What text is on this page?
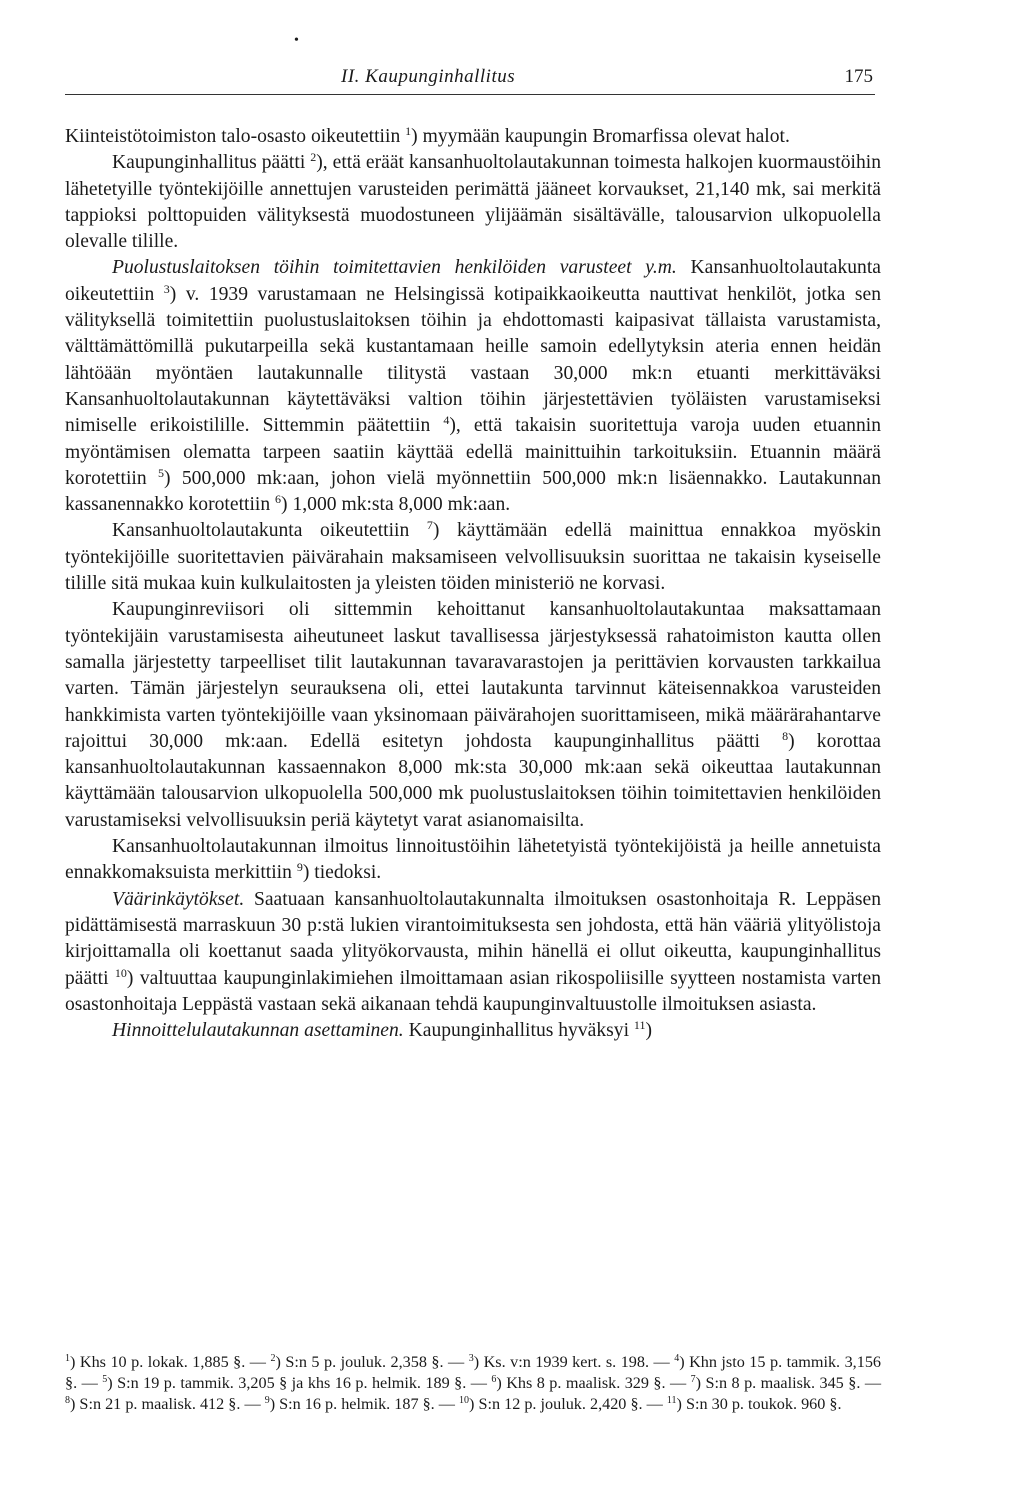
•
II. Kaupunginhallitus	175

Kiinteistötoimiston talo-osasto oikeutettiin $^1$) myymään kaupungin Bromarfissa olevat halot.

Kaupunginhallitus päätti $^2$), että eräät kansanhuoltolautakunnan toimesta halkojen kuormaustöihin lähetetyille työntekijöille annettujen varusteiden perimättä jääneet korvaukset, 21,140 mk, sai merkitä tappioksi polttopuiden välityksestä muodostuneen ylijäämän sisältävälle, talousarvion ulkopuolella olevalle tilille.

Puolustuslaitoksen töihin toimitettavien henkilöiden varusteet y.m. Kansanhuoltolautakunta oikeutettiin $^3$) v. 1939 varustamaan ne Helsingissä kotipaikkaoikeutta nauttivat henkilöt, jotka sen välityksellä toimitettiin puolustuslaitoksen töihin ja ehdottomasti kaipasivat tällaista varustamista, välttämättömillä pukutarpeilla sekä kustantamaan heille samoin edellytyksin ateria ennen heidän lähtöään myöntäen lautakunnalle tilitystä vastaan 30,000 mk:n etuanti merkittäväksi Kansanhuoltolautakunnan käytettäväksi valtion töihin järjestettävien työläisten varustamiseksi nimiselle erikoistilille. Sittemmin päätettiin $^4$), että takaisin suoritettuja varoja uuden etuannin myöntämisen olematta tarpeen saatiin käyttää edellä mainittuihin tarkoituksiin. Etuannin määrä korotettiin $^5$) 500,000 mk:aan, johon vielä myönnettiin 500,000 mk:n lisäennakko. Lautakunnan kassanennakko korotettiin $^6$) 1,000 mk:sta 8,000 mk:aan.

Kansanhuoltolautakunta oikeutettiin $^7$) käyttämään edellä mainittua ennakkoa myöskin työntekijöille suoritettavien päivärahain maksamiseen velvollisuuksin suorittaa ne takaisin kyseiselle tilille sitä mukaa kuin kulkulaitosten ja yleisten töiden ministeriö ne korvasi.

Kaupunginreviisori oli sittemmin kehoittanut kansanhuoltolautakuntaa maksattamaan työntekijäin varustamisesta aiheutuneet laskut tavallisessa järjestyksessä rahatoimiston kautta ollen samalla järjestetty tarpeelliset tilit lautakunnan tavaravarastojen ja perittävien korvausten tarkkailua varten. Tämän järjestelyn seurauksena oli, ettei lautakunta tarvinnut käteisennakkoa varusteiden hankkimista varten työntekijöille vaan yksinomaan päivärahojen suorittamiseen, mikä määrärahantarve rajoittui 30,000 mk:aan. Edellä esitetyn johdosta kaupunginhallitus päätti $^8$) korottaa kansanhuoltolautakunnan kassaennakon 8,000 mk:sta 30,000 mk:aan sekä oikeuttaa lautakunnan käyttämään talousarvion ulkopuolella 500,000 mk puolustuslaitoksen töihin toimitettavien henkilöiden varustamiseksi velvollisuuksin periä käytetyt varat asianomaisilta.

Kansanhuoltolautakunnan ilmoitus linnoitustöihin lähetetyistä työntekijöistä ja heille annetuista ennakkomaksuista merkittiin $^9$) tiedoksi.

Väärinkäytökset. Saatuaan kansanhuoltolautakunnalta ilmoituksen osastonhoitaja R. Leppäsen pidättämisestä marraskuun 30 p:stä lukien virantoimituksesta sen johdosta, että hän vääriä ylityölistoja kirjoittamalla oli koettanut saada ylityökorvausta, mihin hänellä ei ollut oikeutta, kaupunginhallitus päätti $^{10}$) valtuuttaa kaupunginlakimiehen ilmoittamaan asian rikospoliisille syytteen nostamista varten osastonhoitaja Leppästä vastaan sekä aikanaan tehdä kaupunginvaltuustolle ilmoituksen asiasta.

Hinnoittelulautakunnan asettaminen. Kaupunginhallitus hyväksyi $^{11}$)

$^1$) Khs 10 p. lokak. 1,885 §. — $^2$) S:n 5 p. jouluk. 2,358 §. — $^3$) Ks. v:n 1939 kert. s. 198. — $^4$) Khn jsto 15 p. tammik. 3,156 §. — $^5$) S:n 19 p. tammik. 3,205 § ja khs 16 p. helmik. 189 §. — $^6$) Khs 8 p. maalisk. 329 §. — $^7$) S:n 8 p. maalisk. 345 §. — $^8$) S:n 21 p. maalisk. 412 §. — $^9$) S:n 16 p. helmik. 187 §. — $^{10}$) S:n 12 p. jouluk. 2,420 §. — $^{11}$) S:n 30 p. toukok. 960 §.
